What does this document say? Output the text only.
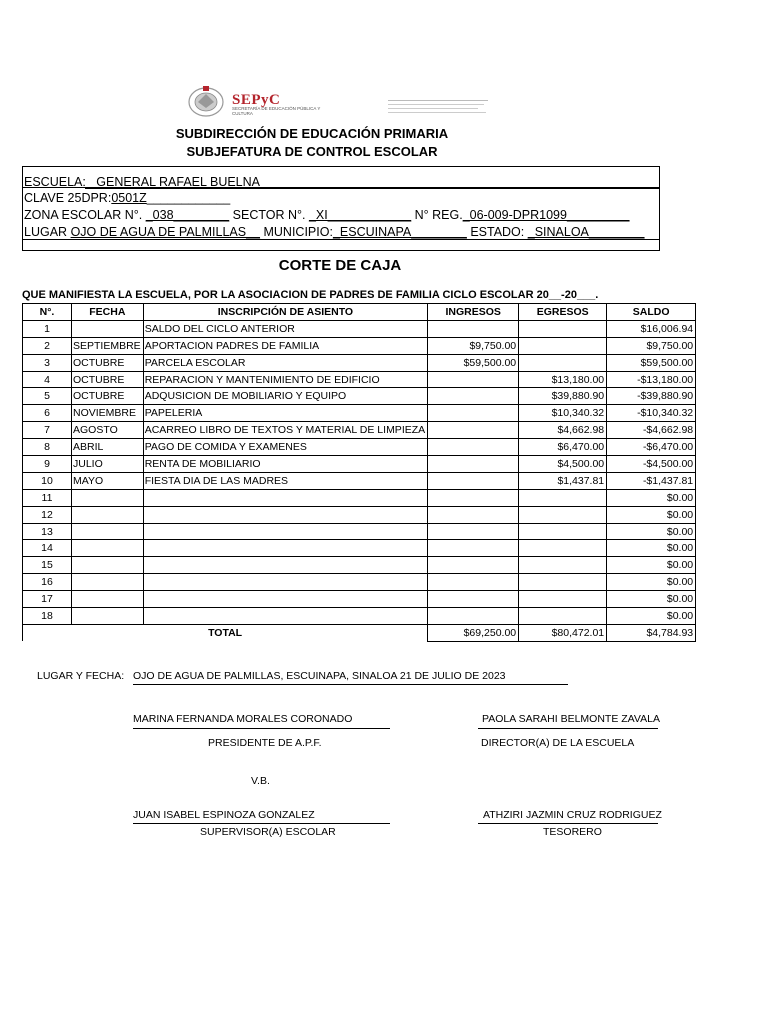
SEPyC
SECRETARÍA DE EDUCACIÓN PÚBLICA Y CULTURA
SUBDIRECCIÓN DE EDUCACIÓN PRIMARIA
SUBJEFATURA DE CONTROL ESCOLAR
ESCUELA: _GENERAL RAFAEL BUELNA
CLAVE 25DPR:0501Z____________
ZONA ESCOLAR N°. _038________ SECTOR N°. _XI____________ N° REG._06-009-DPR1099_________
LUGAR OJO DE AGUA DE PALMILLAS__ MUNICIPIO:_ESCUINAPA________ ESTADO: _SINALOA________
CORTE DE CAJA
QUE MANIFIESTA LA ESCUELA, POR LA ASOCIACION DE PADRES DE FAMILIA CICLO ESCOLAR 20__-20___.
N°.	FECHA	INSCRIPCIÓN DE ASIENTO	INGRESOS	EGRESOS	SALDO
1		SALDO DEL CICLO ANTERIOR			$16,006.94
2	SEPTIEMBRE	APORTACION PADRES DE FAMILIA	$9,750.00		$9,750.00
3	OCTUBRE	PARCELA ESCOLAR	$59,500.00		$59,500.00
4	OCTUBRE	REPARACION Y MANTENIMIENTO DE EDIFICIO		$13,180.00	-$13,180.00
5	OCTUBRE	ADQUSICION DE MOBILIARIO Y EQUIPO		$39,880.90	-$39,880.90
6	NOVIEMBRE	PAPELERIA		$10,340.32	-$10,340.32
7	AGOSTO	ACARREO LIBRO DE TEXTOS Y MATERIAL DE LIMPIEZA		$4,662.98	-$4,662.98
8	ABRIL	PAGO DE COMIDA Y EXAMENES		$6,470.00	-$6,470.00
9	JULIO	RENTA DE MOBILIARIO		$4,500.00	-$4,500.00
10	MAYO	FIESTA DIA DE LAS MADRES		$1,437.81	-$1,437.81
11					$0.00
12					$0.00
13					$0.00
14					$0.00
15					$0.00
16					$0.00
17					$0.00
18					$0.00
TOTAL			$69,250.00	$80,472.01	$4,784.93
LUGAR Y FECHA: OJO DE AGUA DE PALMILLAS, ESCUINAPA, SINALOA 21 DE JULIO DE 2023
MARINA FERNANDA MORALES CORONADO
PRESIDENTE DE A.P.F.
PAOLA SARAHI BELMONTE ZAVALA
DIRECTOR(A) DE LA ESCUELA
V.B.
JUAN ISABEL ESPINOZA GONZALEZ
SUPERVISOR(A) ESCOLAR
ATHZIRI JAZMIN CRUZ RODRIGUEZ
TESORERO
